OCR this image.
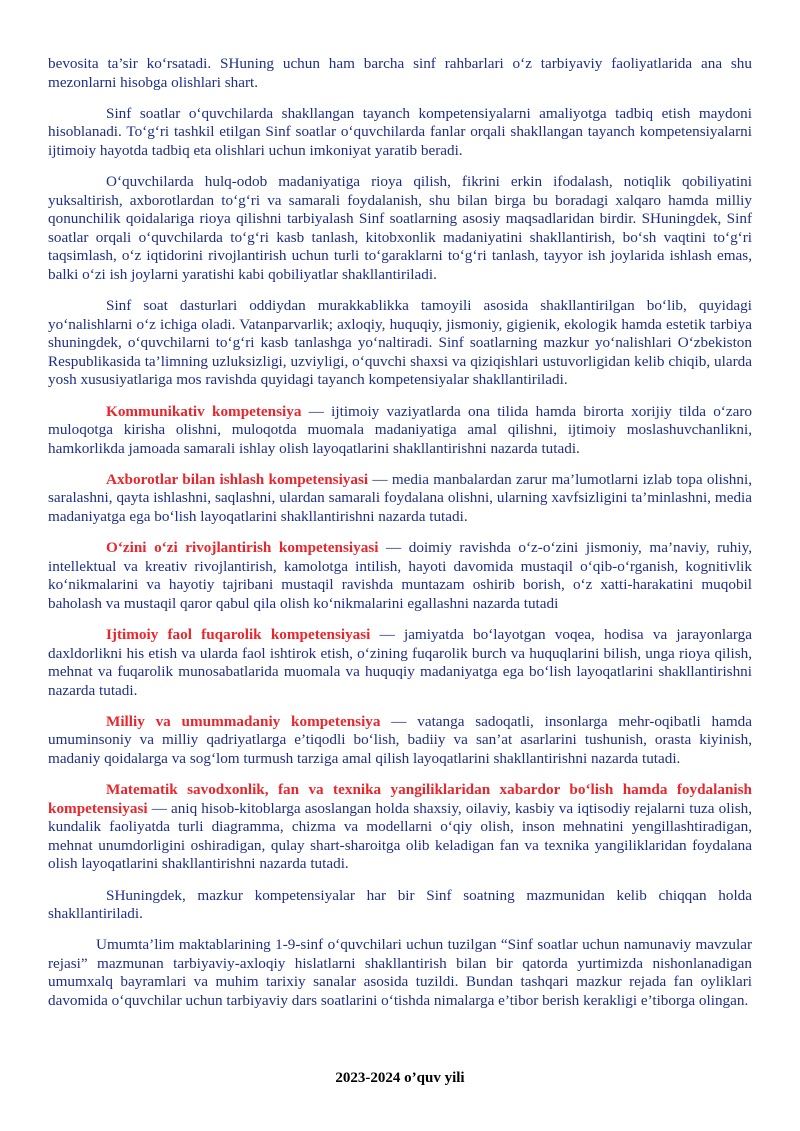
bevosita ta’sir ko‘rsatadi. SHuning uchun ham barcha sinf rahbarlari o‘z tarbiyaviy faoliyatlarida ana shu mezonlarni hisobga olishlari shart.

Sinf soatlar o‘quvchilarda shakllangan tayanch kompetensiyalarni amaliyotga tadbiq etish maydoni hisoblanadi. To‘g‘ri tashkil etilgan Sinf soatlar o‘quvchilarda fanlar orqali shakllangan tayanch kompetensiyalarni ijtimoiy hayotda tadbiq eta olishlari uchun imkoniyat yaratib beradi.

O‘quvchilarda hulq-odob madaniyatiga rioya qilish, fikrini erkin ifodalash, notiqlik qobiliyatini yuksaltirish, axborotlardan to‘g‘ri va samarali foydalanish, shu bilan birga bu boradagi xalqaro hamda milliy qonunchilik qoidalariga rioya qilishni tarbiyalash Sinf soatlarning asosiy maqsadlaridan birdir. SHuningdek, Sinf soatlar orqali o‘quvchilarda to‘g‘ri kasb tanlash, kitobxonlik madaniyatini shakllantirish, bo‘sh vaqtini to‘g‘ri taqsimlash, o‘z iqtidorini rivojlantirish uchun turli to‘garaklarni to‘g‘ri tanlash, tayyor ish joylarida ishlash emas, balki o‘zi ish joylarni yaratishi kabi qobiliyatlar shakllantiriladi.

Sinf soat dasturlari oddiydan murakkablikka tamoyili asosida shakllantirilgan bo‘lib, quyidagi yo‘nalishlarni o‘z ichiga oladi. Vatanparvarlik; axloqiy, huquqiy, jismoniy, gigienik, ekologik hamda estetik tarbiya shuningdek, o‘quvchilarni to‘g‘ri kasb tanlashga yo‘naltiradi. Sinf soatlarning mazkur yo‘nalishlari O‘zbekiston Respublikasida ta’limning uzluksizligi, uzviyligi, o‘quvchi shaxsi va qiziqishlari ustuvorligidan kelib chiqib, ularda yosh xususiyatlariga mos ravishda quyidagi tayanch kompetensiyalar shakllantiriladi.

Kommunikativ kompetensiya — ijtimoiy vaziyatlarda ona tilida hamda birorta xorijiy tilda o‘zaro muloqotga kirisha olishni, muloqotda muomala madaniyatiga amal qilishni, ijtimoiy moslashuvchanlikni, hamkorlikda jamoada samarali ishlay olish layoqatlarini shakllantirishni nazarda tutadi.

Axborotlar bilan ishlash kompetensiyasi — media manbalardan zarur ma’lumotlarni izlab topa olishni, saralashni, qayta ishlashni, saqlashni, ulardan samarali foydalana olishni, ularning xavfsizligini ta’minlashni, media madaniyatga ega bo‘lish layoqatlarini shakllantirishni nazarda tutadi.

O‘zini o‘zi rivojlantirish kompetensiyasi — doimiy ravishda o‘z-o‘zini jismoniy, ma’naviy, ruhiy, intellektual va kreativ rivojlantirish, kamolotga intilish, hayoti davomida mustaqil o‘qib-o‘rganish, kognitivlik ko‘nikmalarini va hayotiy tajribani mustaqil ravishda muntazam oshirib borish, o‘z xatti-harakatini muqobil baholash va mustaqil qaror qabul qila olish ko‘nikmalarini egallashni nazarda tutadi

Ijtimoiy faol fuqarolik kompetensiyasi — jamiyatda bo‘layotgan voqea, hodisa va jarayonlarga daxldorlikni his etish va ularda faol ishtirok etish, o‘zining fuqarolik burch va huquqlarini bilish, unga rioya qilish, mehnat va fuqarolik munosabatlarida muomala va huquqiy madaniyatga ega bo‘lish layoqatlarini shakllantirishni nazarda tutadi.

Milliy va umummadaniy kompetensiya — vatanga sadoqatli, insonlarga mehr-oqibatli hamda umuminsoniy va milliy qadriyatlarga e’tiqodli bo‘lish, badiiy va san’at asarlarini tushunish, orasta kiyinish, madaniy qoidalarga va sog‘lom turmush tarziga amal qilish layoqatlarini shakllantirishni nazarda tutadi.

Matematik savodxonlik, fan va texnika yangiliklaridan xabardor bo‘lish hamda foydalanish kompetensiyasi — aniq hisob-kitoblarga asoslangan holda shaxsiy, oilaviy, kasbiy va iqtisodiy rejalarni tuza olish, kundalik faoliyatda turli diagramma, chizma va modellarni o‘qiy olish, inson mehnatini yengillashtiradigan, mehnat unumdorligini oshiradigan, qulay shart-sharoitga olib keladigan fan va texnika yangiliklaridan foydalana olish layoqatlarini shakllantirishni nazarda tutadi.

SHuningdek, mazkur kompetensiyalar har bir Sinf soatning mazmunidan kelib chiqqan holda shakllantiriladi.

Umumta’lim maktablarining 1-9-sinf o‘quvchilari uchun tuzilgan “Sinf soatlar uchun namunaviy mavzular rejasi” mazmunan tarbiyaviy-axloqiy hislatlarni shakllantirish bilan bir qatorda yurtimizda nishonlanadigan umumxalq bayramlari va muhim tarixiy sanalar asosida tuzildi. Bundan tashqari mazkur rejada fan oyliklari davomida o‘quvchilar uchun tarbiyaviy dars soatlarini o‘tishda nimalarga e’tibor berish kerakligi e’tiborga olingan.

2023-2024 o’quv yili
